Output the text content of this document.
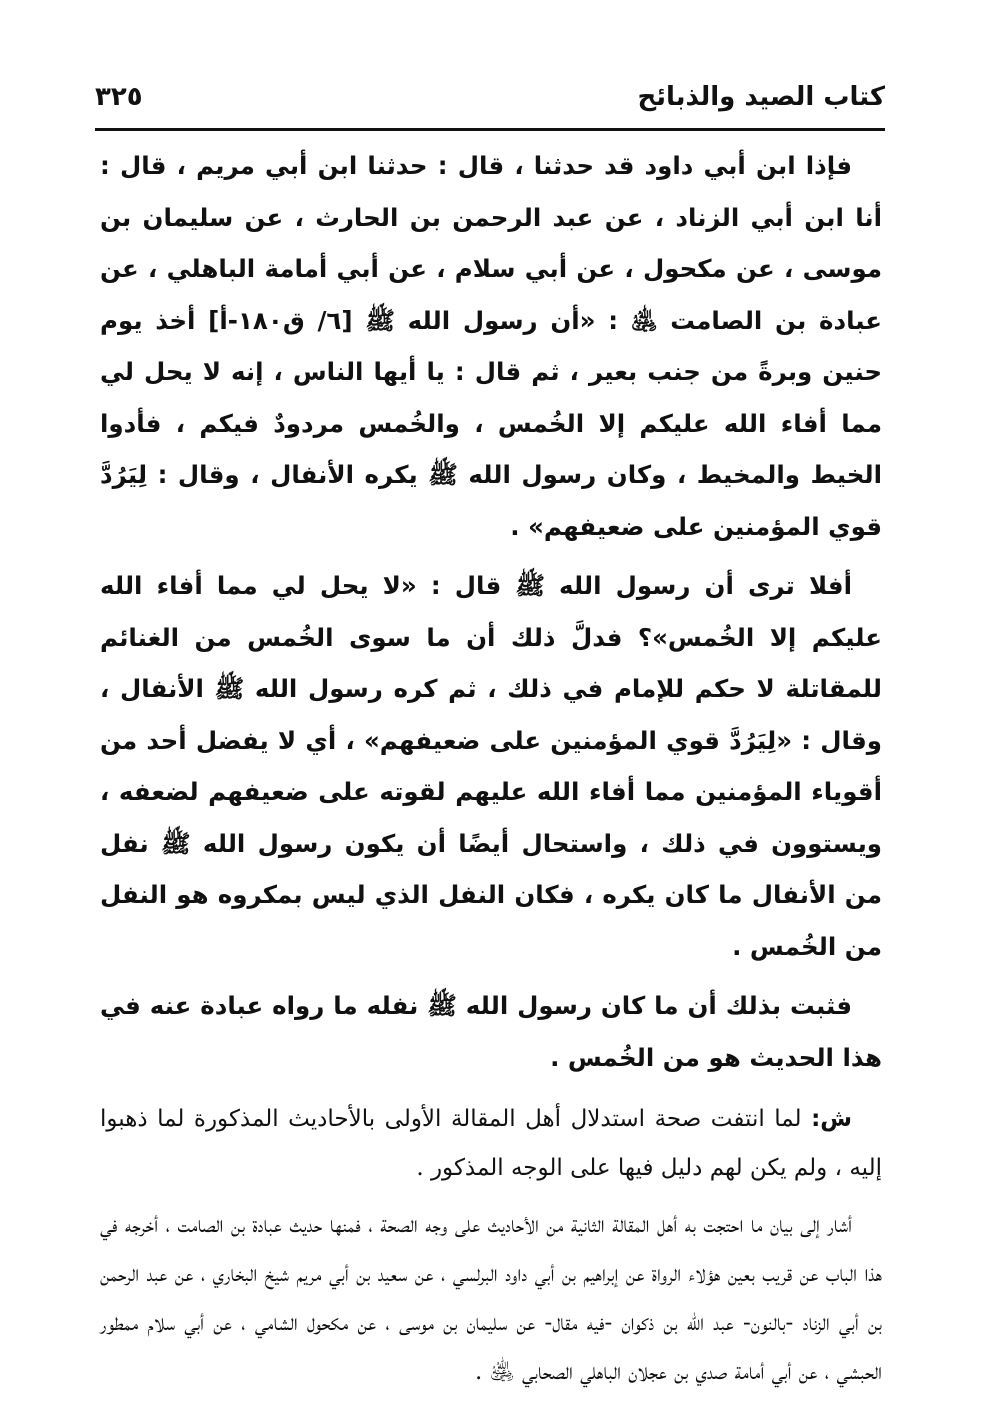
كتاب الصيد والذبائح
٣٢٥

فإذا ابن أبي داود قد حدثنا ، قال : حدثنا ابن أبي مريم ، قال : أنا ابن أبي الزناد ، عن عبد الرحمن بن الحارث ، عن سليمان بن موسى ، عن مكحول ، عن أبي سلام ، عن أبي أمامة الباهلي ، عن عبادة بن الصامت ﵁ : «أن رسول الله ﷺ [٦/ ق١٨٠-أ] أخذ يوم حنين وبرةً من جنب بعير ، ثم قال : يا أيها الناس ، إنه لا يحل لي مما أفاء الله عليكم إلا الخُمس ، والخُمس مردودٌ فيكم ، فأدوا الخيط والمخيط ، وكان رسول الله ﷺ يكره الأنفال ، وقال : لِيَرُدَّ قوي المؤمنين على ضعيفهم» .

أفلا ترى أن رسول الله ﷺ قال : «لا يحل لي مما أفاء الله عليكم إلا الخُمس»؟ فدلَّ ذلك أن ما سوى الخُمس من الغنائم للمقاتلة لا حكم للإمام في ذلك ، ثم كره رسول الله ﷺ الأنفال ، وقال : «لِيَرُدَّ قوي المؤمنين على ضعيفهم» ، أي لا يفضل أحد من أقوياء المؤمنين مما أفاء الله عليهم لقوته على ضعيفهم لضعفه ، ويستوون في ذلك ، واستحال أيضًا أن يكون رسول الله ﷺ نفل من الأنفال ما كان يكره ، فكان النفل الذي ليس بمكروه هو النفل من الخُمس .

فثبت بذلك أن ما كان رسول الله ﷺ نفله ما رواه عبادة عنه في هذا الحديث هو من الخُمس .

ش: لما انتفت صحة استدلال أهل المقالة الأولى بالأحاديث المذكورة لما ذهبوا إليه ، ولم يكن لهم دليل فيها على الوجه المذكور .

أشار إلى بيان ما احتجت به أهل المقالة الثانية من الأحاديث على وجه الصحة ، فمنها حديث عبادة بن الصامت ، أخرجه في هذا الباب عن قريب بعين هؤلاء الرواة عن إبراهيم بن أبي داود البرلسي ، عن سعيد بن أبي مريم شيخ البخاري ، عن عبد الرحمن بن أبي الزناد -بالنون- عبد الله بن ذكوان -فيه مقال- عن سليمان بن موسى ، عن مكحول الشامي ، عن أبي سلام ممطور الحبشي ، عن أبي أمامة صدي بن عجلان الباهلي الصحابي ﵁ .
